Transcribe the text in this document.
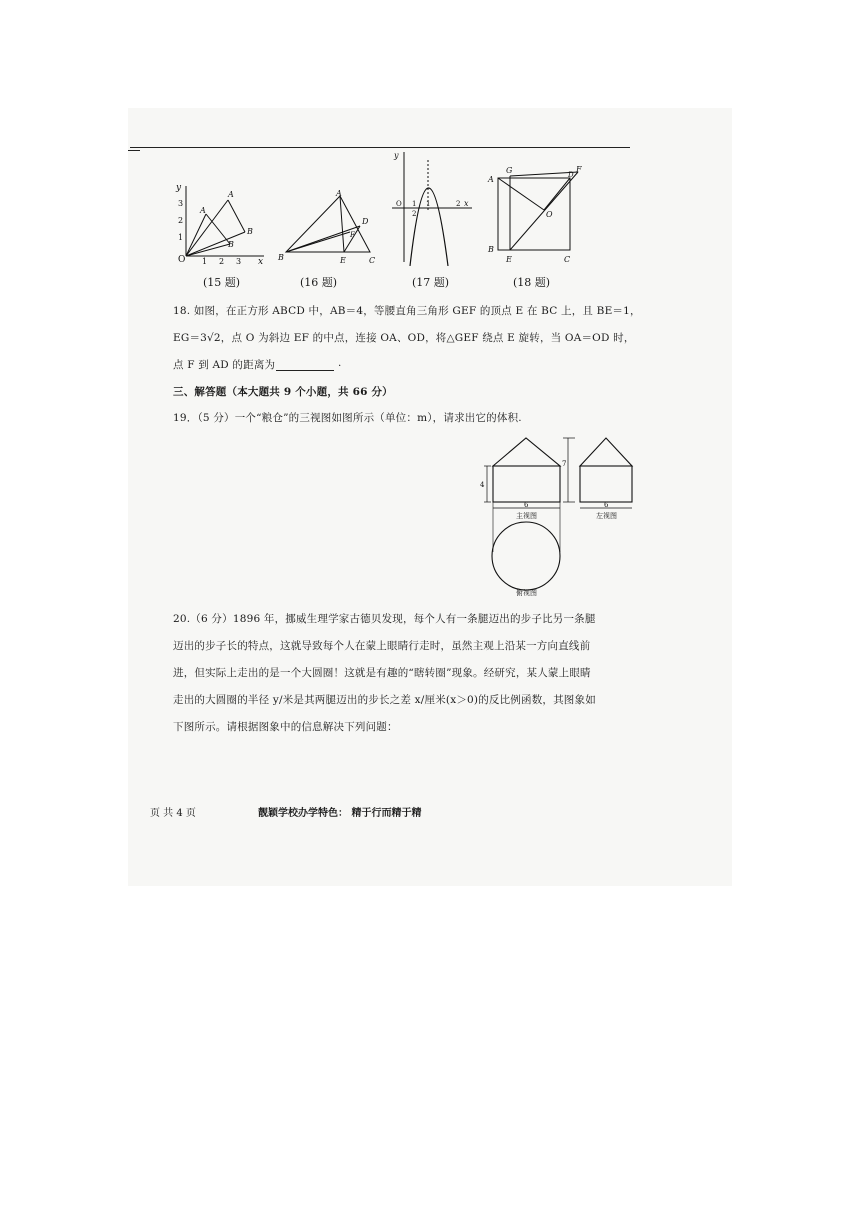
y
x
O
3
2
1
1 2 3
A
A
B
B
A
B	C
D
E
F
y
x
O 1
2
1	2
A
G	F
D
O
B
E	C
(15 题)	(16 题)	(17 题)	(18 题)
18. 如图，在正方形 ABCD 中，AB＝4，等腰直角三角形 GEF 的顶点 E 在 BC 上，且 BE＝1，
EG＝3√2，点 O 为斜边 EF 的中点，连接 OA、OD，将△GEF 绕点 E 旋转，当 OA＝OD 时，
点 F 到 AD 的距离为	.
三、解答题（本大题共 9 个小题，共 66 分）
19．（5 分）一个“粮仓”的三视图如图所示（单位：m），请求出它的体积.
7
4
6
主视图
6
左视图
俯视图
20.（6 分）1896 年，挪威生理学家古德贝发现，每个人有一条腿迈出的步子比另一条腿
迈出的步子长的特点，这就导致每个人在蒙上眼睛行走时，虽然主观上沿某一方向直线前
进，但实际上走出的是一个大圆圈！这就是有趣的“瞎转圈”现象。经研究，某人蒙上眼睛
走出的大圆圈的半径 y/米是其两腿迈出的步长之差 x/厘米(x＞0)的反比例函数，其图象如
下图所示。请根据图象中的信息解决下列问题：
页 共 4 页	靓颖学校办学特色： 精于行而精于精
